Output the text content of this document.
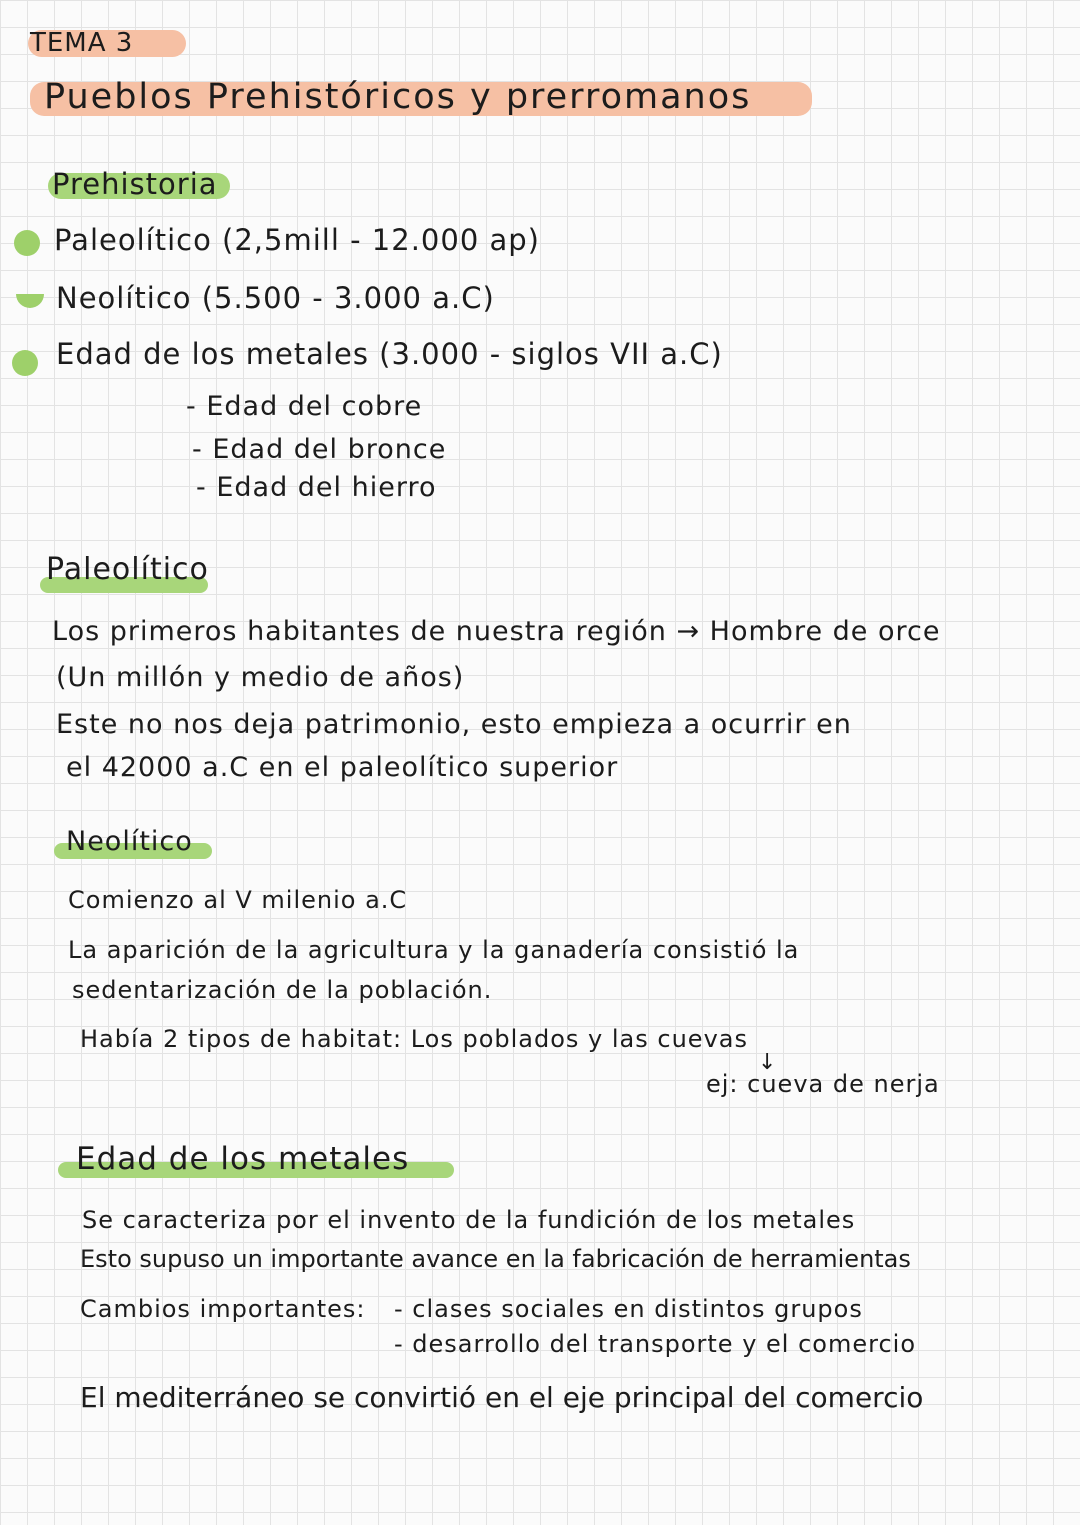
TEMA 3
Pueblos Prehistóricos y prerromanos
Prehistoria
Paleolítico (2,5mill - 12.000 ap)
Neolítico (5.500 - 3.000 a.C)
Edad de los metales (3.000 - siglos VII a.C)
- Edad del cobre
- Edad del bronce
- Edad del hierro
Paleolítico
Los primeros habitantes de nuestra región → Hombre de orce
(Un millón y medio de años)
Este no nos deja patrimonio, esto empieza a ocurrir en
el 42000 a.C en el paleolítico superior
Neolítico
Comienzo al V milenio a.C
La aparición de la agricultura y la ganadería consistió la
sedentarización de la población.
Había 2 tipos de habitat: Los poblados y las cuevas
↓
ej: cueva de nerja
Edad de los metales
Se caracteriza por el invento de la fundición de los metales
Esto supuso un importante avance en la fabricación de herramientas
Cambios importantes: - clases sociales en distintos grupos
- desarrollo del transporte y el comercio
El mediterráneo se convirtió en el eje principal del comercio
